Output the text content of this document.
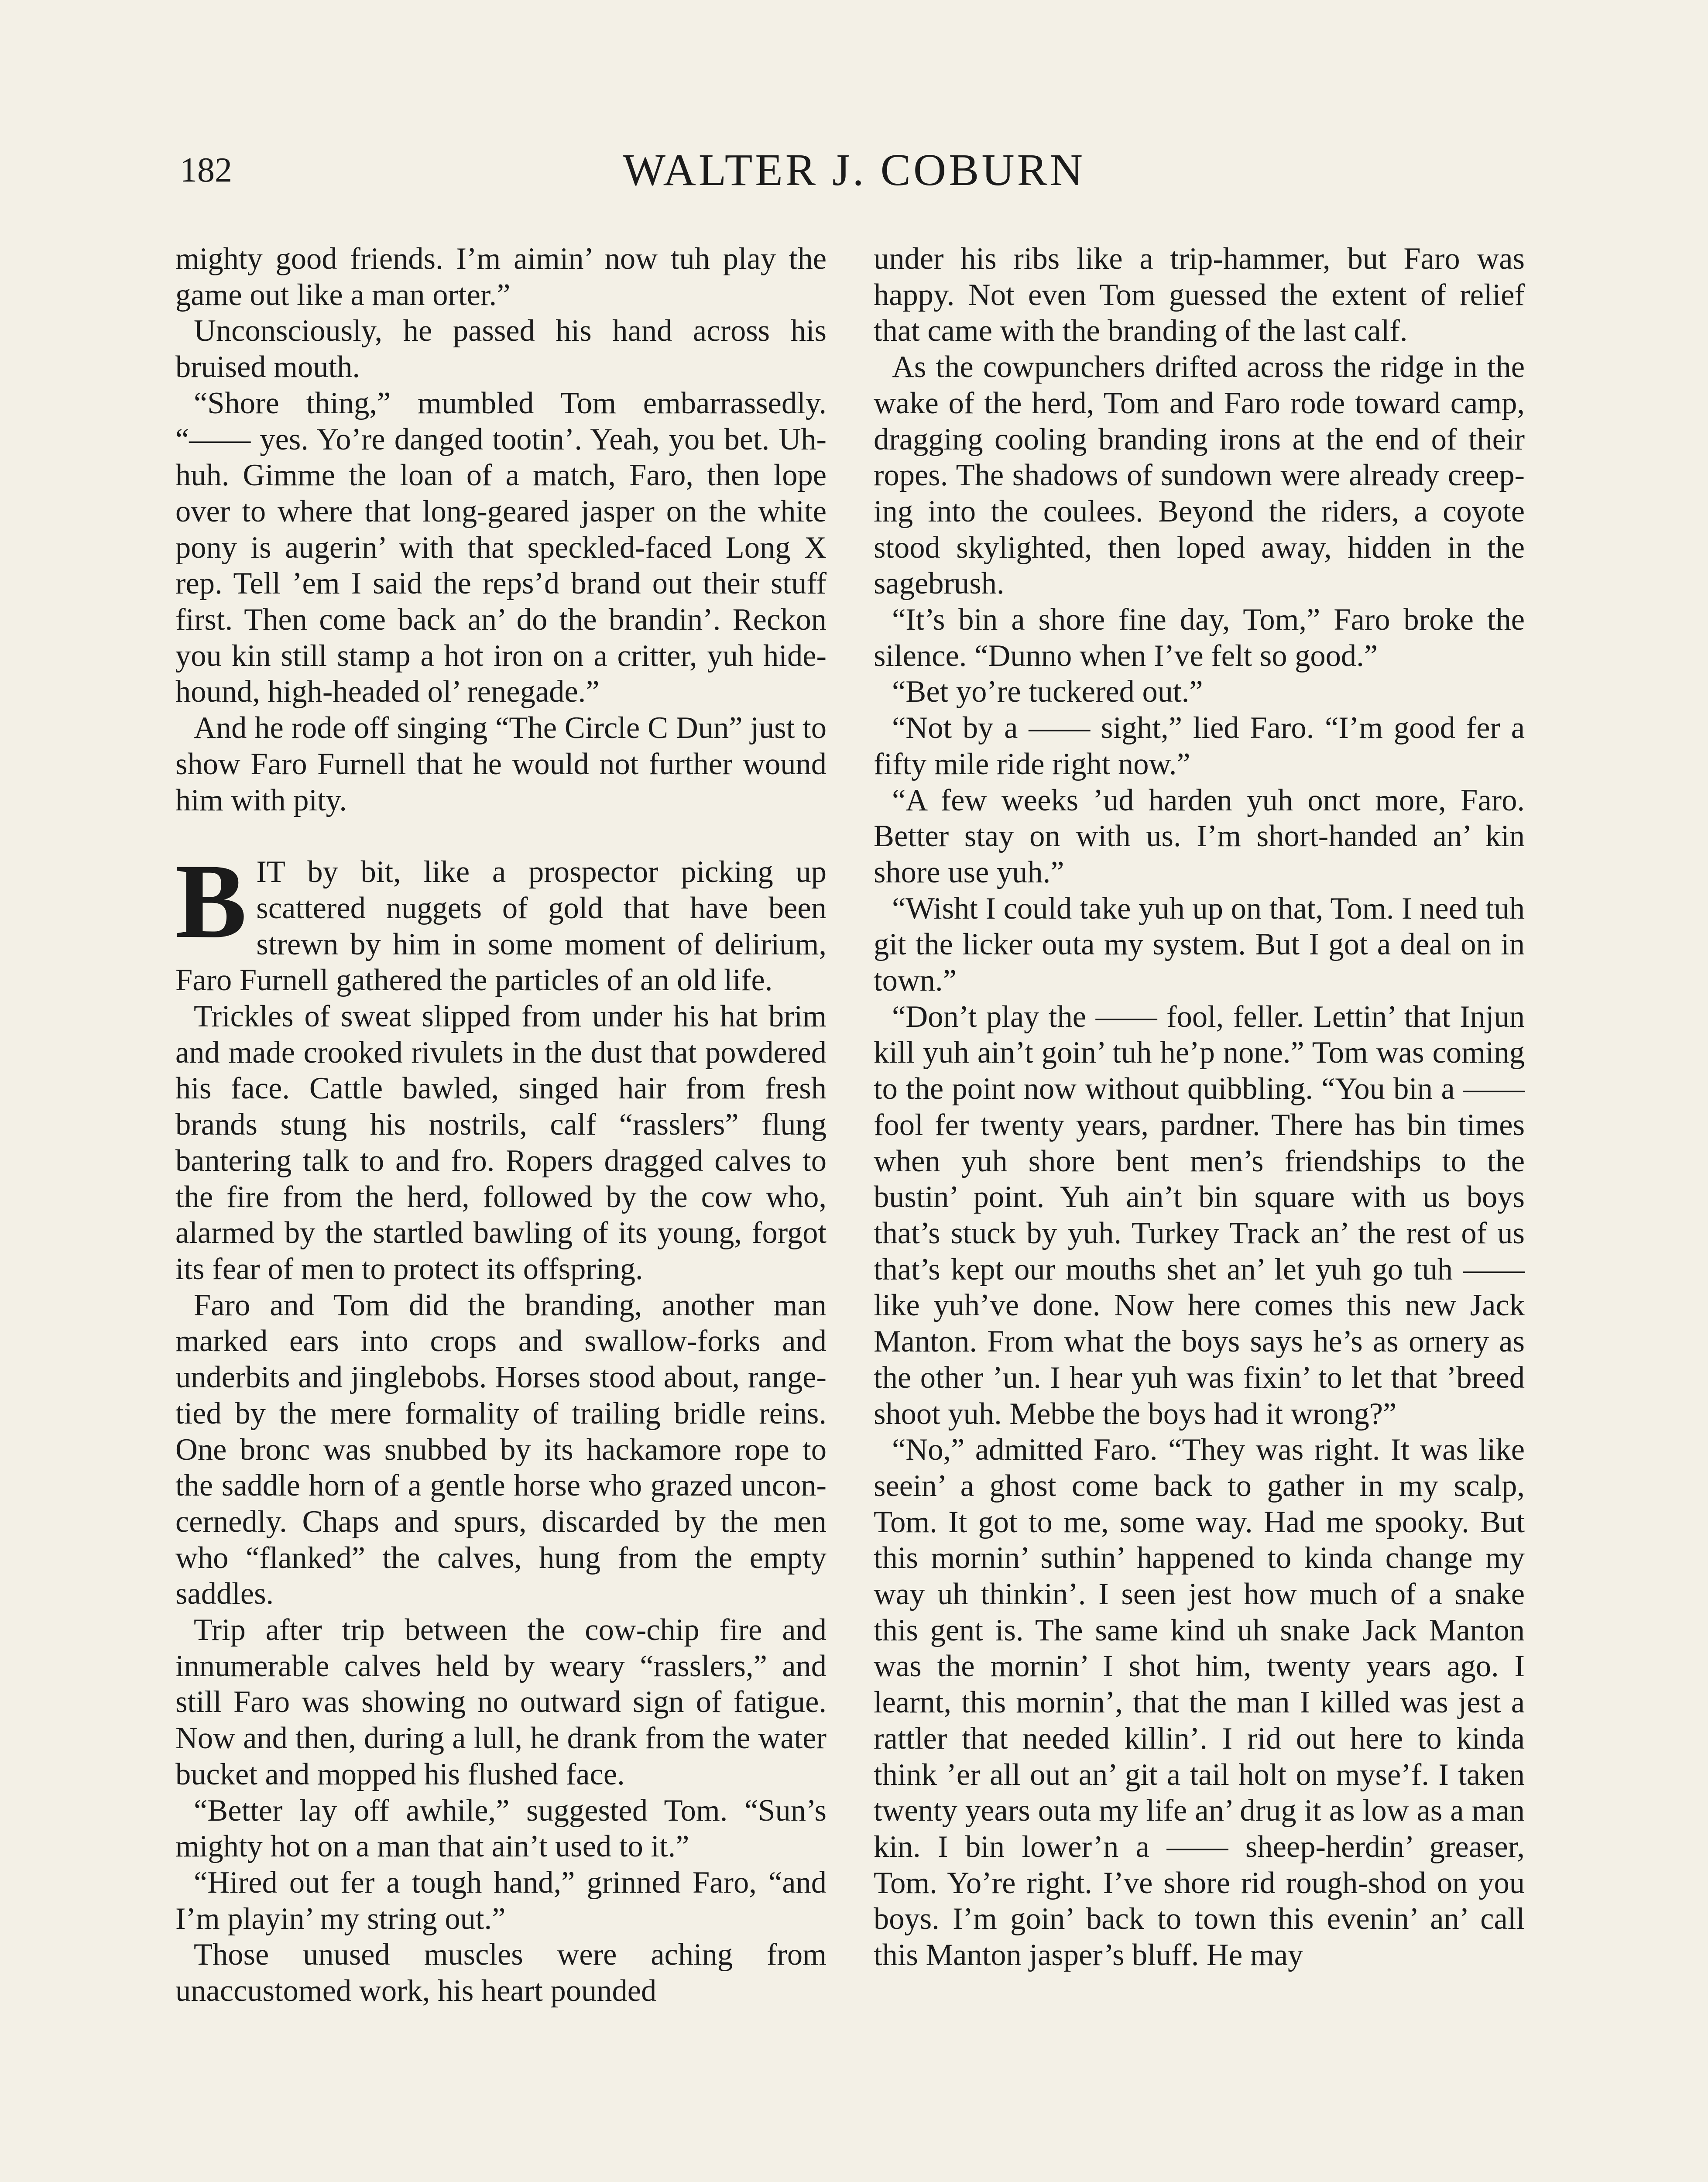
182	WALTER J. COBURN

mighty good friends. I’m aimin’ now tuh play the game out like a man orter.”

Unconsciously, he passed his hand across his bruised mouth.

“Shore thing,” mumbled Tom embarrassedly. “—— yes. Yo’re danged tootin’. Yeah, you bet. Uh-huh. Gimme the loan of a match, Faro, then lope over to where that long-geared jasper on the white pony is augerin’ with that speckled-faced Long X rep. Tell ’em I said the reps’d brand out their stuff first. Then come back an’ do the brandin’. Reckon you kin still stamp a hot iron on a critter, yuh hide-hound, high-headed ol’ renegade.”

And he rode off singing “The Circle C Dun” just to show Faro Furnell that he would not further wound him with pity.

BIT by bit, like a prospector picking up scattered nuggets of gold that have been strewn by him in some moment of delirium, Faro Furnell gathered the particles of an old life.

Trickles of sweat slipped from under his hat brim and made crooked rivulets in the dust that powdered his face. Cattle bawled, singed hair from fresh brands stung his nostrils, calf “rasslers” flung bantering talk to and fro. Ropers dragged calves to the fire from the herd, followed by the cow who, alarmed by the startled bawling of its young, forgot its fear of men to protect its offspring.

Faro and Tom did the branding, another man marked ears into crops and swallow-forks and underbits and jinglebobs. Horses stood about, range-tied by the mere formality of trailing bridle reins. One bronc was snubbed by its hackamore rope to the saddle horn of a gentle horse who grazed unconcernedly. Chaps and spurs, discarded by the men who “flanked” the calves, hung from the empty saddles.

Trip after trip between the cow-chip fire and innumerable calves held by weary “rasslers,” and still Faro was showing no outward sign of fatigue. Now and then, during a lull, he drank from the water bucket and mopped his flushed face.

“Better lay off awhile,” suggested Tom. “Sun’s mighty hot on a man that ain’t used to it.”

“Hired out fer a tough hand,” grinned Faro, “and I’m playin’ my string out.”

Those unused muscles were aching from unaccustomed work, his heart pounded

under his ribs like a trip-hammer, but Faro was happy. Not even Tom guessed the extent of relief that came with the branding of the last calf.

As the cowpunchers drifted across the ridge in the wake of the herd, Tom and Faro rode toward camp, dragging cooling branding irons at the end of their ropes. The shadows of sundown were already creeping into the coulees. Beyond the riders, a coyote stood skylighted, then loped away, hidden in the sagebrush.

“It’s bin a shore fine day, Tom,” Faro broke the silence. “Dunno when I’ve felt so good.”

“Bet yo’re tuckered out.”

“Not by a —— sight,” lied Faro. “I’m good fer a fifty mile ride right now.”

“A few weeks ’ud harden yuh onct more, Faro. Better stay on with us. I’m short-handed an’ kin shore use yuh.”

“Wisht I could take yuh up on that, Tom. I need tuh git the licker outa my system. But I got a deal on in town.”

“Don’t play the —— fool, feller. Lettin’ that Injun kill yuh ain’t goin’ tuh he’p none.” Tom was coming to the point now without quibbling. “You bin a —— fool fer twenty years, pardner. There has bin times when yuh shore bent men’s friendships to the bustin’ point. Yuh ain’t bin square with us boys that’s stuck by yuh. Turkey Track an’ the rest of us that’s kept our mouths shet an’ let yuh go tuh —— like yuh’ve done. Now here comes this new Jack Manton. From what the boys says he’s as ornery as the other ’un. I hear yuh was fixin’ to let that ’breed shoot yuh. Mebbe the boys had it wrong?”

“No,” admitted Faro. “They was right. It was like seein’ a ghost come back to gather in my scalp, Tom. It got to me, some way. Had me spooky. But this mornin’ suthin’ happened to kinda change my way uh thinkin’. I seen jest how much of a snake this gent is. The same kind uh snake Jack Manton was the mornin’ I shot him, twenty years ago. I learnt, this mornin’, that the man I killed was jest a rattler that needed killin’. I rid out here to kinda think ’er all out an’ git a tail holt on myse’f. I taken twenty years outa my life an’ drug it as low as a man kin. I bin lower’n a —— sheep-herdin’ greaser, Tom. Yo’re right. I’ve shore rid rough-shod on you boys. I’m goin’ back to town this evenin’ an’ call this Manton jasper’s bluff. He may
